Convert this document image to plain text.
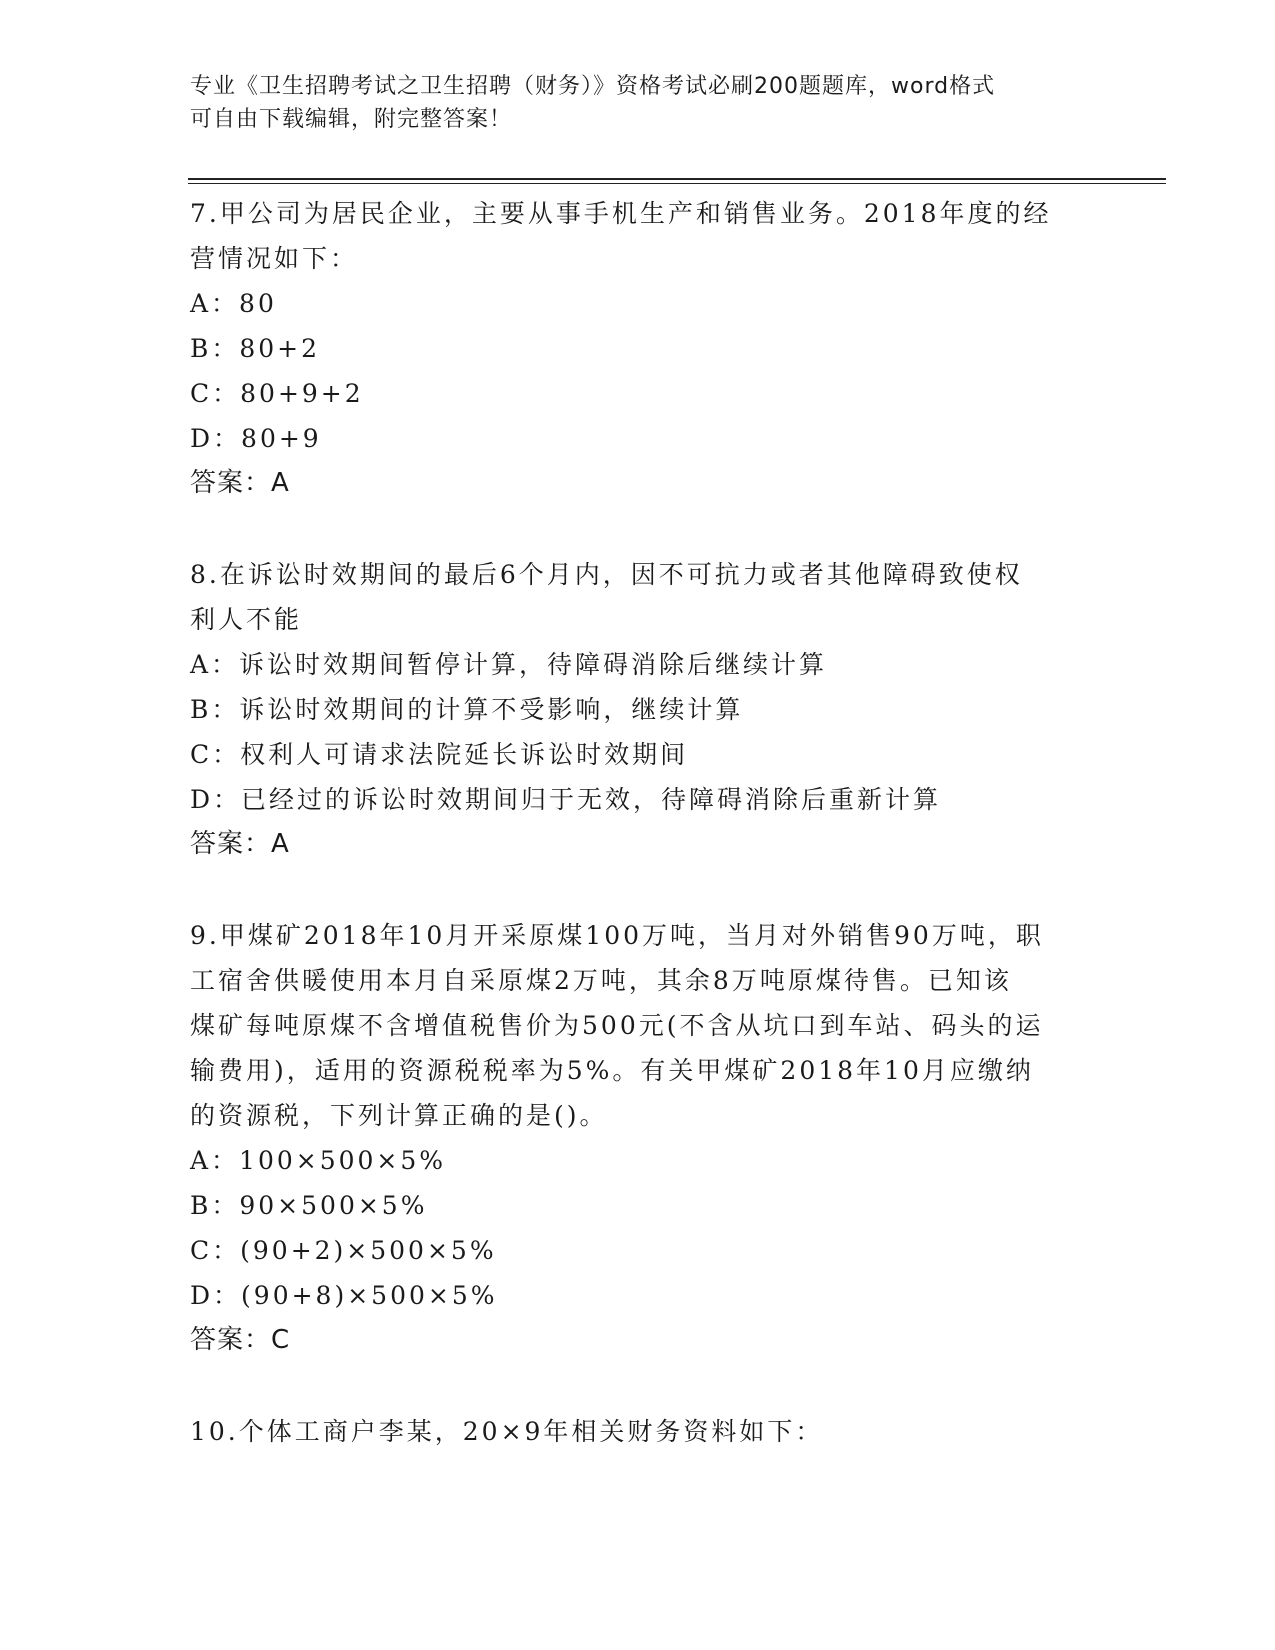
专业《卫生招聘考试之卫生招聘（财务）》资格考试必刷200题题库，word格式
可自由下载编辑，附完整答案！
7.甲公司为居民企业，主要从事手机生产和销售业务。2018年度的经
营情况如下：
A：80
B：80+2
C：80+9+2
D：80+9
答案：A
8.在诉讼时效期间的最后6个月内，因不可抗力或者其他障碍致使权
利人不能
A：诉讼时效期间暂停计算，待障碍消除后继续计算
B：诉讼时效期间的计算不受影响，继续计算
C：权利人可请求法院延长诉讼时效期间
D：已经过的诉讼时效期间归于无效，待障碍消除后重新计算
答案：A
9.甲煤矿2018年10月开采原煤100万吨，当月对外销售90万吨，职
工宿舍供暖使用本月自采原煤2万吨，其余8万吨原煤待售。已知该
煤矿每吨原煤不含增值税售价为500元(不含从坑口到车站、码头的运
输费用)，适用的资源税税率为5%。有关甲煤矿2018年10月应缴纳
的资源税，下列计算正确的是()。
A：100×500×5%
B：90×500×5%
C：(90+2)×500×5%
D：(90+8)×500×5%
答案：C
10.个体工商户李某，20×9年相关财务资料如下：
